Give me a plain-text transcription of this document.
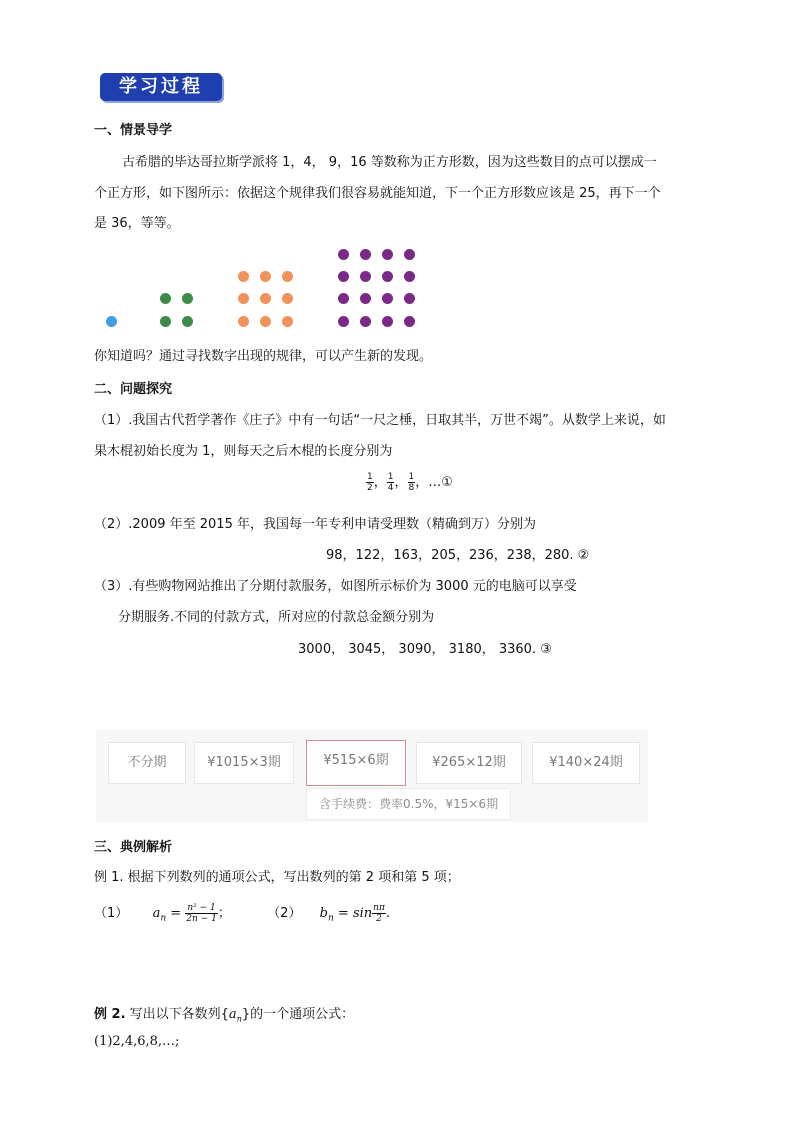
学习过程
一、情景导学
古希腊的毕达哥拉斯学派将 1，4， 9，16 等数称为正方形数，因为这些数目的点可以摆成一
个正方形，如下图所示：依据这个规律我们很容易就能知道，下一个正方形数应该是 25，再下一个
是 36，等等。
你知道吗？通过寻找数字出现的规律，可以产生新的发现。
二、问题探究
（1）.我国古代哲学著作《庄子》中有一句话“一尺之棰，日取其半，万世不竭”。从数学上来说，如
果木棍初始长度为 1，则每天之后木棍的长度分别为
$\frac{1}{2}$ ， $\frac{1}{4}$ ， $\frac{1}{8}$ ，…①
（2）.2009 年至 2015 年，我国每一年专利申请受理数（精确到万）分别为
98，122，163，205，236，238，280. ②
（3）.有些购物网站推出了分期付款服务，如图所示标价为 3000 元的电脑可以享受
分期服务.不同的付款方式，所对应的付款总金额分别为
3000， 3045， 3090， 3180， 3360. ③
不分期	¥1015×3期	¥515×6期	¥265×12期	¥140×24期
含手续费：费率0.5%，¥15×6期
三、典例解析
例 1. 根据下列数列的通项公式，写出数列的第 2 项和第 5 项；
（1） $a_n = \frac{\text{n² − 1}}{2n - 1}$ ；	（2） $b_n = \sin \frac{n\pi}{2}$ .
例 2. 写出以下各数列$\{a_n\}$的一个通项公式：
(1)2,4,6,8,…;
